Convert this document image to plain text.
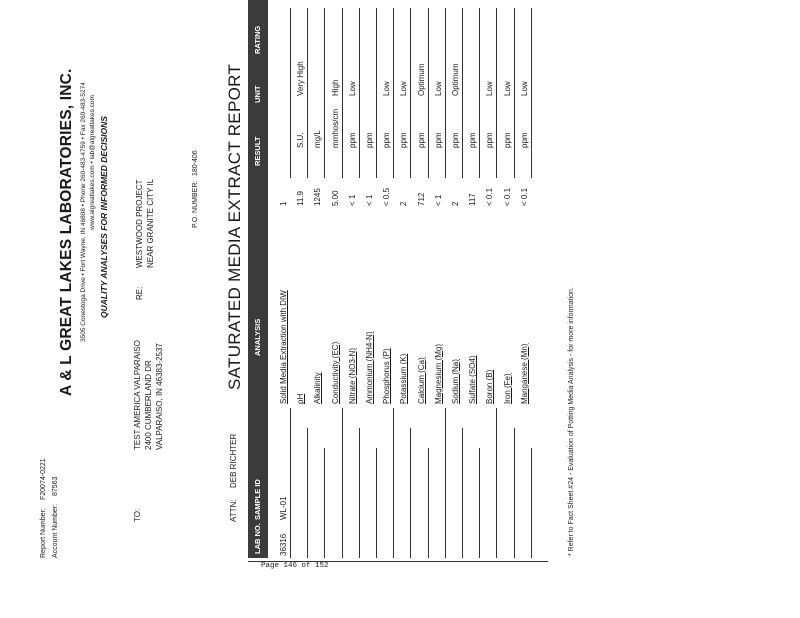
Report Number:
F20074-0221
Account Number:
87563
A & L GREAT LAKES LABORATORIES, INC. 3505 Conestoga Drive • Fort Wayne, IN 46808 • Phone 260-483-4759 • Fax 260-483-5274 www.algreatlakes.com • lab@algreatlakes.com QUALITY ANALYSES FOR INFORMED DECISIONS
TO:
TEST AMERICA VALPARAISO 2400 CUMBERLAND DR VALPARAISO, IN 46383-2537
RE:
WESTWOOD PROJECT NEAR GRANITE CITY IL	P.O. NUMBER:
180-406
ATTN:
DEB RICHTER
SATURATED MEDIA EXTRACT REPORT
LAB NO.
SAMPLE ID
ANALYSIS
RESULT
UNIT
RATING
36316
WL-01
Solid Media Extraction with DIW
1
pH
11.9
S.U.
Very High
Alkalinity
1245
mg/L
Conductivity (EC)
5.00
mmhos/cm
High
Nitrate (NO3-N)
< 1
ppm
Low
Ammonium (NH4-N)
< 1
ppm
Phosphorus (P)
< 0.5
ppm
Low
Potassium (K)
2
ppm
Low
Calcium (Ca)
712
ppm
Optimum
Magnesium (Mg)
< 1
ppm
Low
Sodium (Na)
2
ppm
Optimum
Sulfate (SO4)
117
ppm
Boron (B)
< 0.1
ppm
Low
Iron (Fe)
< 0.1
ppm
Low
Manganese (Mn)
< 0.1
ppm
Low
* Refer to Fact Sheet #24 - Evaluation of Potting Media Analysis - for more information.
Page 146 of 152
